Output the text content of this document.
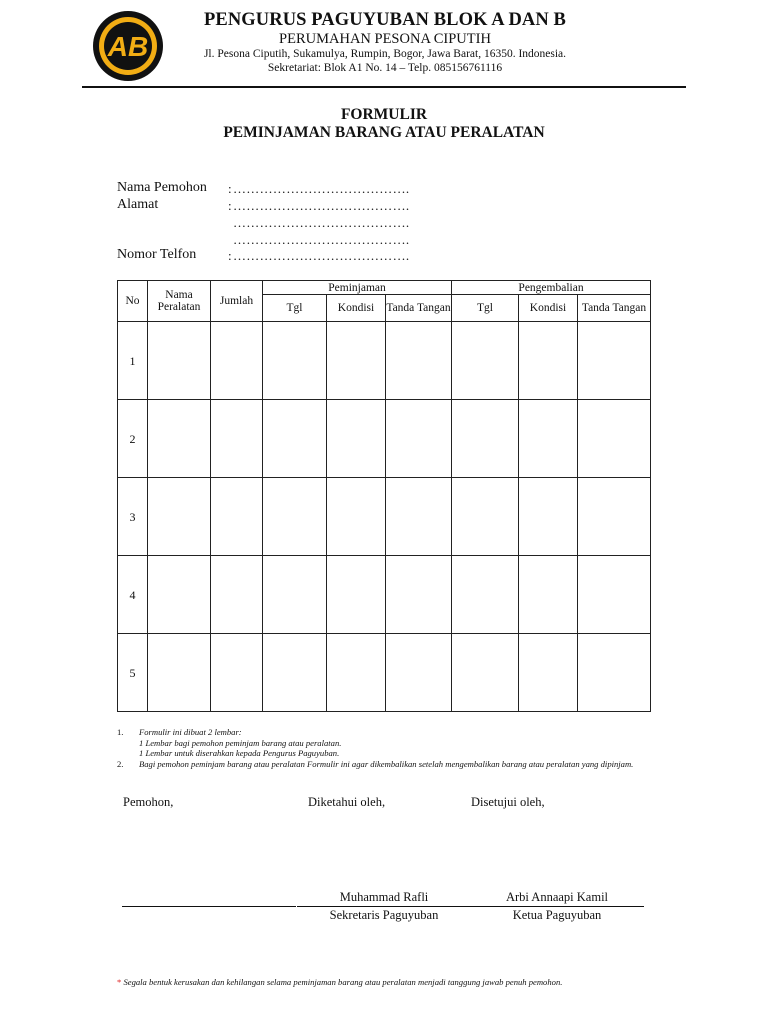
AB
PENGURUS PAGUYUBAN BLOK A DAN B
PERUMAHAN PESONA CIPUTIH
Jl. Pesona Ciputih, Sukamulya, Rumpin, Bogor, Jawa Barat, 16350. Indonesia.
Sekretariat: Blok A1 No. 14 – Telp. 085156761116
FORMULIR
PEMINJAMAN BARANG ATAU PERALATAN
Nama Pemohon : ………………………………….
Alamat	: ………………………………….
………………………………….
………………………………….
Nomor Telfon : ………………………………….
No	Nama Peralatan	Jumlah	Peminjaman			Pengembalian		
			Tgl	Kondisi	Tanda Tangan	Tgl	Kondisi	Tanda Tangan
1								
2								
3								
4								
5								
1.	Formulir ini dibuat 2 lembar:
1 Lembar bagi pemohon peminjam barang atau peralatan.
1 Lembar untuk diserahkan kepada Pengurus Paguyuban.
2.	Bagi pemohon peminjam barang atau peralatan Formulir ini agar dikembalikan setelah mengembalikan barang atau peralatan yang dipinjam.
Pemohon,	Diketahui oleh,	Disetujui oleh,
Muhammad Rafli	Arbi Annaapi Kamil
Sekretaris Paguyuban	Ketua Paguyuban
* Segala bentuk kerusakan dan kehilangan selama peminjaman barang atau peralatan menjadi tanggung jawab penuh pemohon.
